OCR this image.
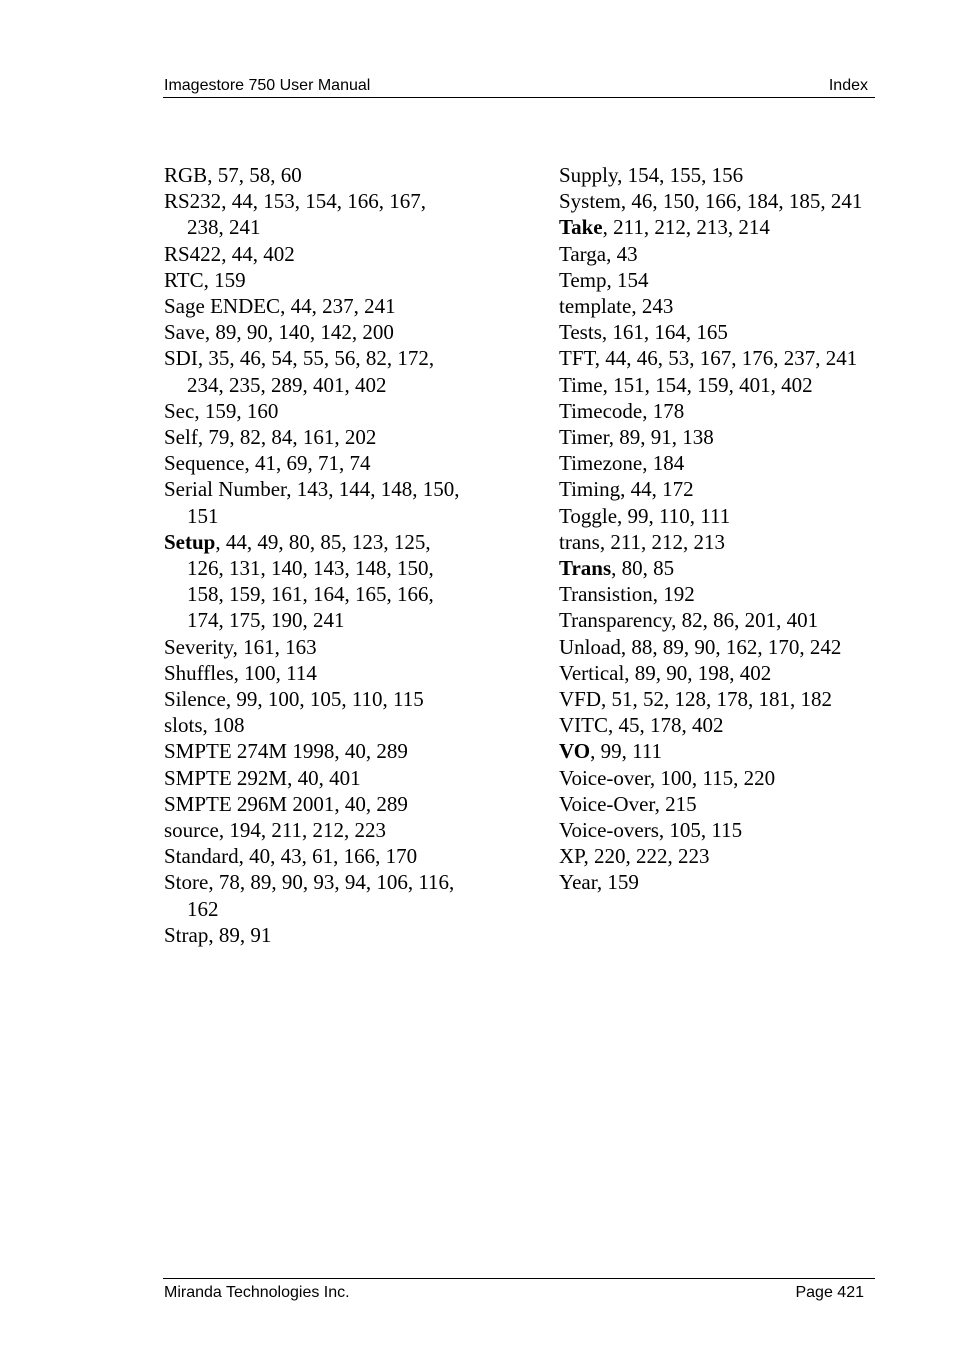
Imagestore 750 User Manual	Index
RGB, 57, 58, 60
RS232, 44, 153, 154, 166, 167, 238, 241
RS422, 44, 402
RTC, 159
Sage ENDEC, 44, 237, 241
Save, 89, 90, 140, 142, 200
SDI, 35, 46, 54, 55, 56, 82, 172, 234, 235, 289, 401, 402
Sec, 159, 160
Self, 79, 82, 84, 161, 202
Sequence, 41, 69, 71, 74
Serial Number, 143, 144, 148, 150, 151
Setup, 44, 49, 80, 85, 123, 125, 126, 131, 140, 143, 148, 150, 158, 159, 161, 164, 165, 166, 174, 175, 190, 241
Severity, 161, 163
Shuffles, 100, 114
Silence, 99, 100, 105, 110, 115
slots, 108
SMPTE 274M 1998, 40, 289
SMPTE 292M, 40, 401
SMPTE 296M 2001, 40, 289
source, 194, 211, 212, 223
Standard, 40, 43, 61, 166, 170
Store, 78, 89, 90, 93, 94, 106, 116, 162
Strap, 89, 91
Supply, 154, 155, 156
System, 46, 150, 166, 184, 185, 241
Take, 211, 212, 213, 214
Targa, 43
Temp, 154
template, 243
Tests, 161, 164, 165
TFT, 44, 46, 53, 167, 176, 237, 241
Time, 151, 154, 159, 401, 402
Timecode, 178
Timer, 89, 91, 138
Timezone, 184
Timing, 44, 172
Toggle, 99, 110, 111
trans, 211, 212, 213
Trans, 80, 85
Transistion, 192
Transparency, 82, 86, 201, 401
Unload, 88, 89, 90, 162, 170, 242
Vertical, 89, 90, 198, 402
VFD, 51, 52, 128, 178, 181, 182
VITC, 45, 178, 402
VO, 99, 111
Voice-over, 100, 115, 220
Voice-Over, 215
Voice-overs, 105, 115
XP, 220, 222, 223
Year, 159
Miranda Technologies Inc.	Page 421
